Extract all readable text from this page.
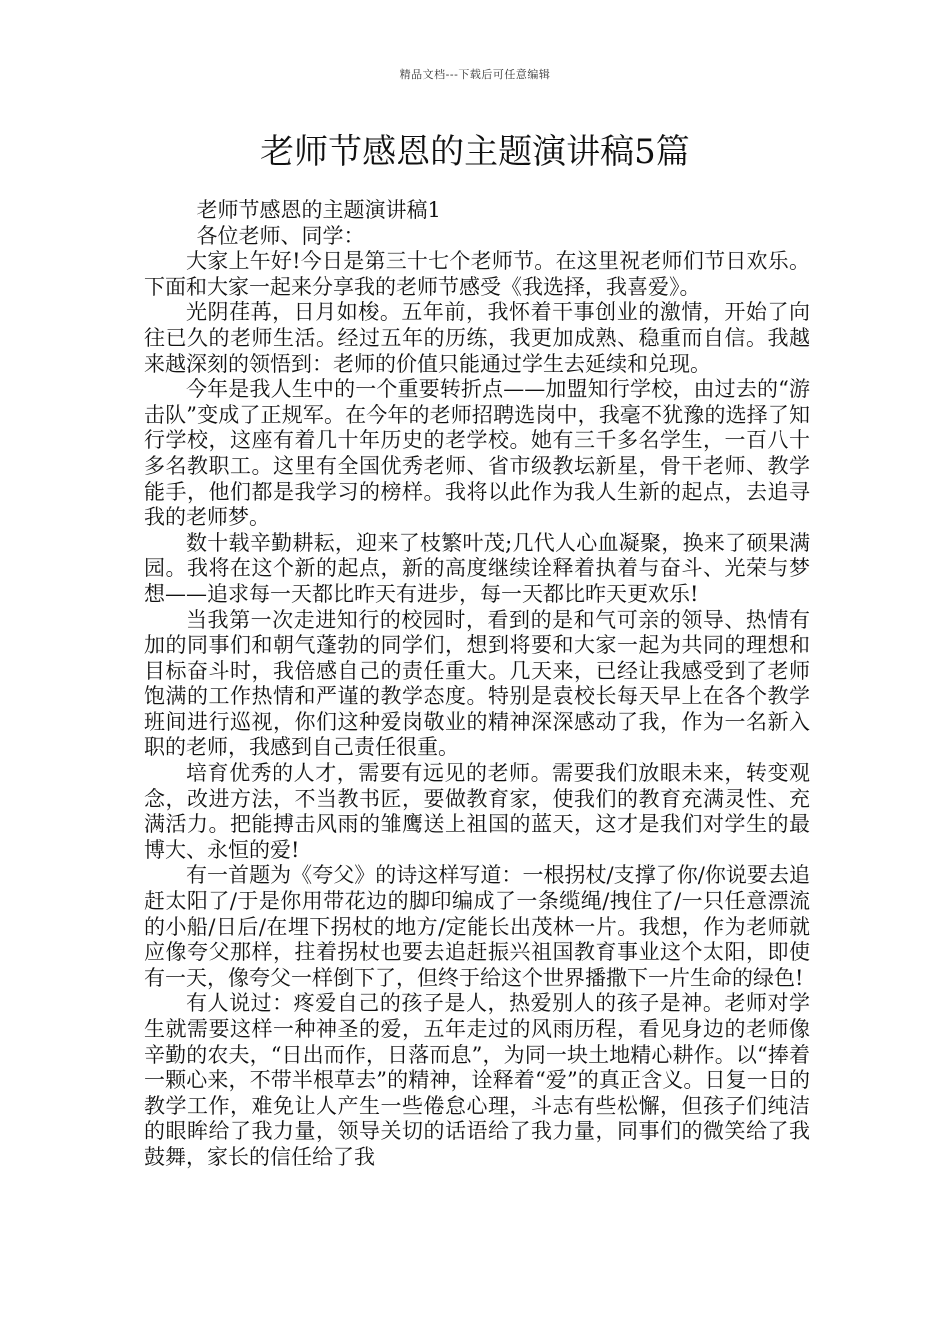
精品文档---下载后可任意编辑
老师节感恩的主题演讲稿5篇

老师节感恩的主题演讲稿1

各位老师、同学：

大家上午好!今日是第三十七个老师节。在这里祝老师们节日欢乐。下面和大家一起来分享我的老师节感受《我选择，我喜爱》。

光阴荏苒，日月如梭。五年前，我怀着干事创业的激情，开始了向往已久的老师生活。经过五年的历练，我更加成熟、稳重而自信。我越来越深刻的领悟到：老师的价值只能通过学生去延续和兑现。

今年是我人生中的一个重要转折点——加盟知行学校，由过去的“游击队”变成了正规军。在今年的老师招聘选岗中，我毫不犹豫的选择了知行学校，这座有着几十年历史的老学校。她有三千多名学生，一百八十多名教职工。这里有全国优秀老师、省市级教坛新星，骨干老师、教学能手，他们都是我学习的榜样。我将以此作为我人生新的起点，去追寻我的老师梦。

数十载辛勤耕耘，迎来了枝繁叶茂;几代人心血凝聚，换来了硕果满园。我将在这个新的起点，新的高度继续诠释着执着与奋斗、光荣与梦想——追求每一天都比昨天有进步，每一天都比昨天更欢乐!

当我第一次走进知行的校园时，看到的是和气可亲的领导、热情有加的同事们和朝气蓬勃的同学们，想到将要和大家一起为共同的理想和目标奋斗时，我倍感自己的责任重大。几天来，已经让我感受到了老师饱满的工作热情和严谨的教学态度。特别是袁校长每天早上在各个教学班间进行巡视，你们这种爱岗敬业的精神深深感动了我，作为一名新入职的老师，我感到自己责任很重。

培育优秀的人才，需要有远见的老师。需要我们放眼未来，转变观念，改进方法，不当教书匠，要做教育家，使我们的教育充满灵性、充满活力。把能搏击风雨的雏鹰送上祖国的蓝天，这才是我们对学生的最博大、永恒的爱!

有一首题为《夸父》的诗这样写道：一根拐杖/支撑了你/你说要去追赶太阳了/于是你用带花边的脚印编成了一条缆绳/拽住了/一只任意漂流的小船/日后/在埋下拐杖的地方/定能长出茂林一片。我想，作为老师就应像夸父那样，拄着拐杖也要去追赶振兴祖国教育事业这个太阳，即使有一天，像夸父一样倒下了，但终于给这个世界播撒下一片生命的绿色!

有人说过：疼爱自己的孩子是人，热爱别人的孩子是神。老师对学生就需要这样一种神圣的爱，五年走过的风雨历程，看见身边的老师像辛勤的农夫，“日出而作，日落而息”，为同一块土地精心耕作。以“捧着一颗心来，不带半根草去”的精神，诠释着“爱”的真正含义。日复一日的教学工作，难免让人产生一些倦怠心理，斗志有些松懈，但孩子们纯洁的眼眸给了我力量，领导关切的话语给了我力量，同事们的微笑给了我鼓舞，家长的信任给了我
